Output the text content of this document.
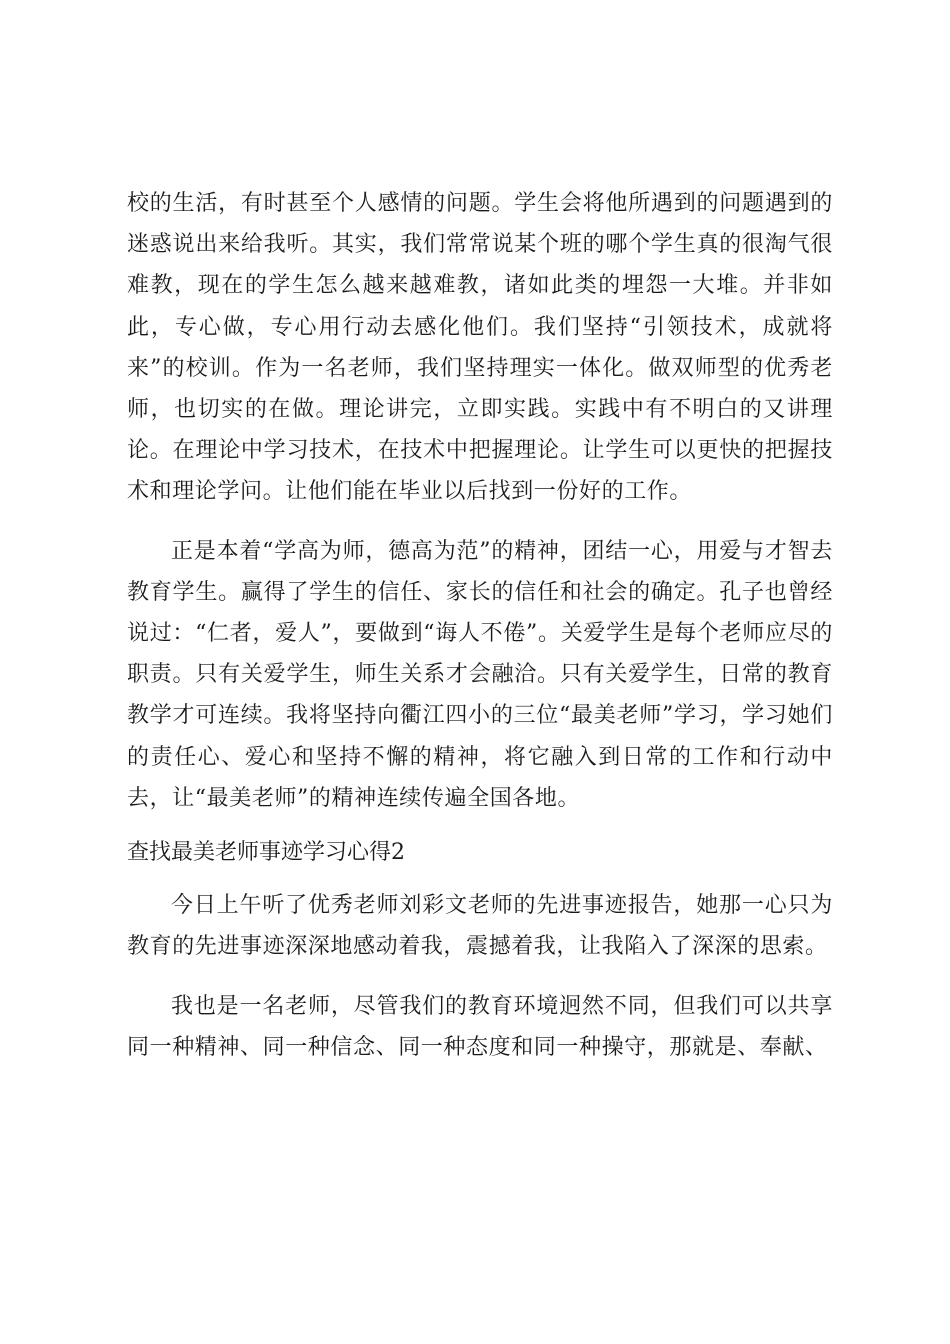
校的生活，有时甚至个人感情的问题。学生会将他所遇到的问题遇到的迷惑说出来给我听。其实，我们常常说某个班的哪个学生真的很淘气很难教，现在的学生怎么越来越难教，诸如此类的埋怨一大堆。并非如此，专心做，专心用行动去感化他们。我们坚持“引领技术，成就将来”的校训。作为一名老师，我们坚持理实一体化。做双师型的优秀老师，也切实的在做。理论讲完，立即实践。实践中有不明白的又讲理论。在理论中学习技术，在技术中把握理论。让学生可以更快的把握技术和理论学问。让他们能在毕业以后找到一份好的工作。

正是本着“学高为师，德高为范”的精神，团结一心，用爱与才智去教育学生。赢得了学生的信任、家长的信任和社会的确定。孔子也曾经说过：“仁者，爱人”，要做到“诲人不倦”。关爱学生是每个老师应尽的职责。只有关爱学生，师生关系才会融洽。只有关爱学生，日常的教育教学才可连续。我将坚持向衢江四小的三位“最美老师”学习，学习她们的责任心、爱心和坚持不懈的精神，将它融入到日常的工作和行动中去，让“最美老师”的精神连续传遍全国各地。

查找最美老师事迹学习心得2

今日上午听了优秀老师刘彩文老师的先进事迹报告，她那一心只为教育的先进事迹深深地感动着我，震撼着我，让我陷入了深深的思索。

我也是一名老师，尽管我们的教育环境迥然不同，但我们可以共享同一种精神、同一种信念、同一种态度和同一种操守，那就是、奉献、
